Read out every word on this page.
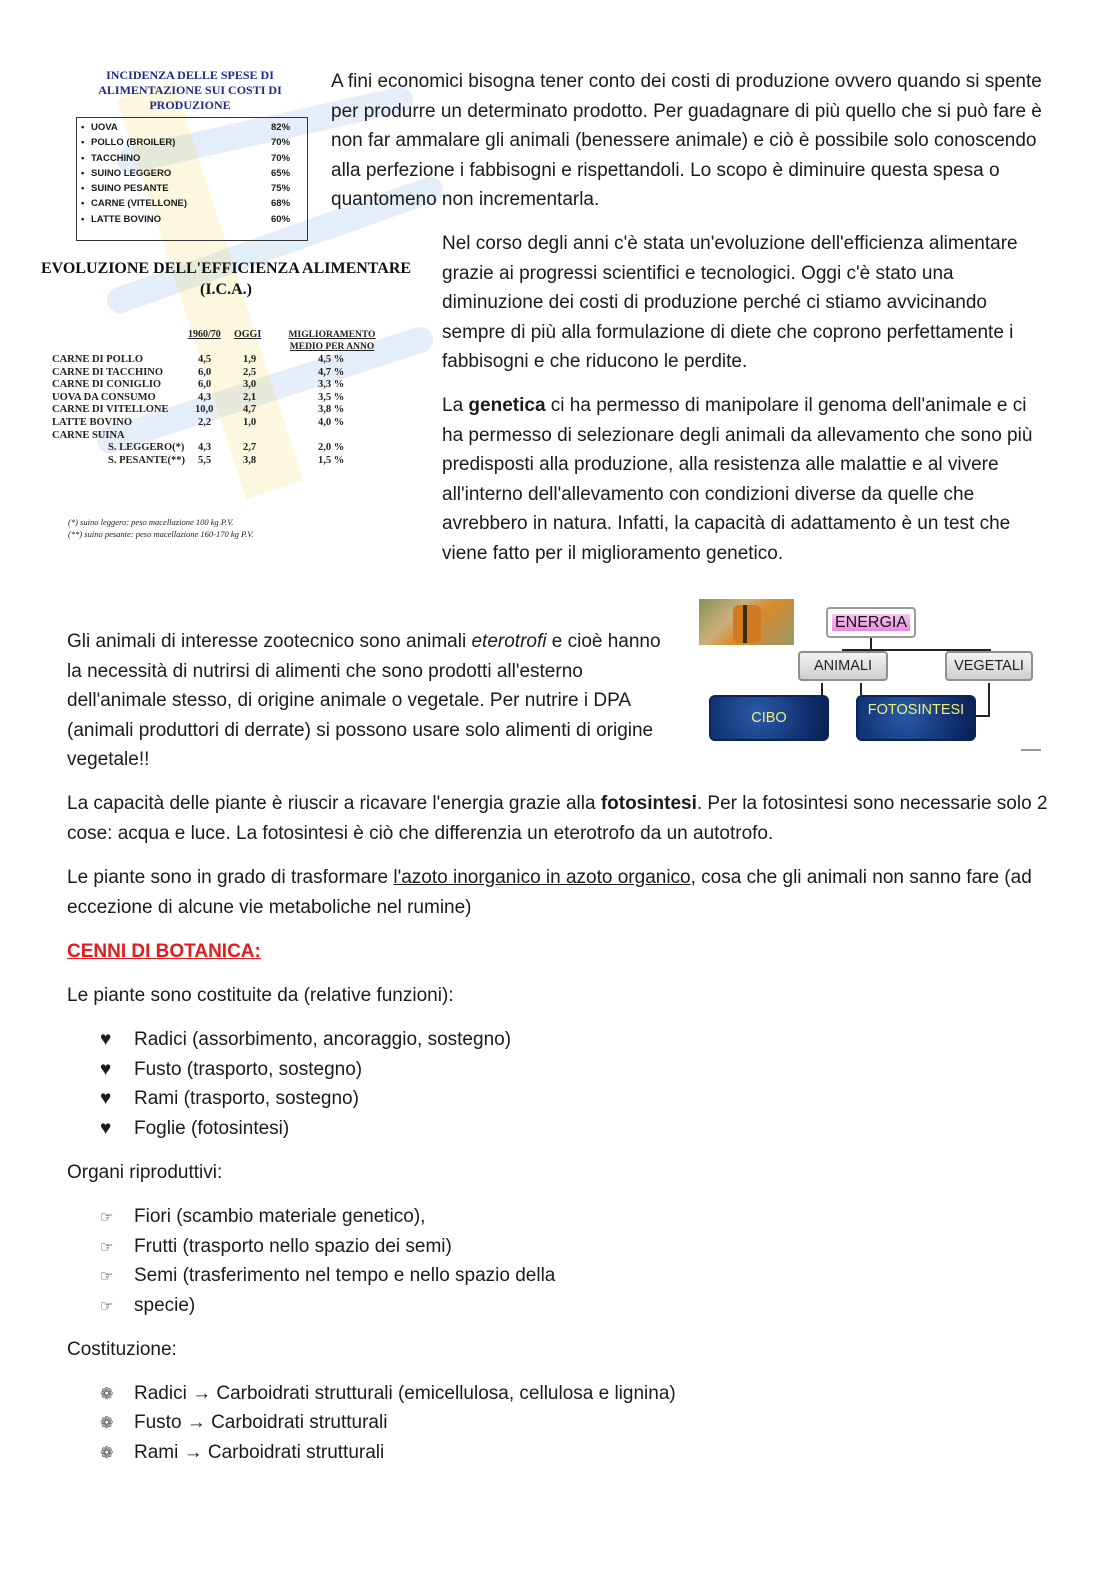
INCIDENZA DELLE SPESE DI ALIMENTAZIONE SUI COSTI DI PRODUZIONE
• UOVA	82%
• POLLO (BROILER)	70%
• TACCHINO	70%
• SUINO LEGGERO	65%
• SUINO PESANTE	75%
• CARNE (VITELLONE)	68%
• LATTE BOVINO	60%
EVOLUZIONE DELL'EFFICIENZA ALIMENTARE
(I.C.A.)
1960/70 OGGI	MIGLIORAMENTO
MEDIO PER ANNO
CARNE DI POLLO	4,5	1,9	4,5 %
CARNE DI TACCHINO	6,0	2,5	4,7 %
CARNE DI CONIGLIO	6,0	3,0	3,3 %
UOVA DA CONSUMO	4,3	2,1	3,5 %
CARNE DI VITELLONE	10,0	4,7	3,8 %
LATTE BOVINO	2,2	1,0	4,0 %
CARNE SUINA
S. LEGGERO(*) 4,3	2,7	2,0 %
S. PESANTE(**) 5,5	3,8	1,5 %
(*) suino leggero: peso macellazione 100 kg P.V.
(**) suino pesante: peso macellazione 160-170 kg P.V.

A fini economici bisogna tener conto dei costi di produzione ovvero quando si spente per produrre un determinato prodotto. Per guadagnare di più quello che si può fare è non far ammalare gli animali (benessere animale) e ciò è possibile solo conoscendo alla perfezione i fabbisogni e rispettandoli. Lo scopo è diminuire questa spesa o quantomeno non incrementarla.

Nel corso degli anni c'è stata un'evoluzione dell'efficienza alimentare grazie ai progressi scientifici e tecnologici. Oggi c'è stato una diminuzione dei costi di produzione perché ci stiamo avvicinando sempre di più alla formulazione di diete che coprono perfettamente i fabbisogni e che riducono le perdite.

La genetica ci ha permesso di manipolare il genoma dell'animale e ci ha permesso di selezionare degli animali da allevamento che sono più predisposti alla produzione, alla resistenza alle malattie e al vivere all'interno dell'allevamento con condizioni diverse da quelle che avrebbero in natura. Infatti, la capacità di adattamento è un test che viene fatto per il miglioramento genetico.

ENERGIA
ANIMALI	VEGETALI
CIBO	FOTOSINTESI

Gli animali di interesse zootecnico sono animali eterotrofi e cioè hanno la necessità di nutrirsi di alimenti che sono prodotti all'esterno dell'animale stesso, di origine animale o vegetale. Per nutrire i DPA (animali produttori di derrate) si possono usare solo alimenti di origine vegetale!!

La capacità delle piante è riuscir a ricavare l'energia grazie alla fotosintesi. Per la fotosintesi sono necessarie solo 2 cose: acqua e luce. La fotosintesi è ciò che differenzia un eterotrofo da un autotrofo.

Le piante sono in grado di trasformare l'azoto inorganico in azoto organico, cosa che gli animali non sanno fare (ad eccezione di alcune vie metaboliche nel rumine)

CENNI DI BOTANICA:

Le piante sono costituite da (relative funzioni):

♥ Radici (assorbimento, ancoraggio, sostegno)
♥ Fusto (trasporto, sostegno)
♥ Rami (trasporto, sostegno)
♥ Foglie (fotosintesi)

Organi riproduttivi:

☞ Fiori (scambio materiale genetico),
☞ Frutti (trasporto nello spazio dei semi)
☞ Semi (trasferimento nel tempo e nello spazio della
☞ specie)

Costituzione:

❁ Radici → Carboidrati strutturali (emicellulosa, cellulosa e lignina)
❁ Fusto → Carboidrati strutturali
❁ Rami → Carboidrati strutturali
